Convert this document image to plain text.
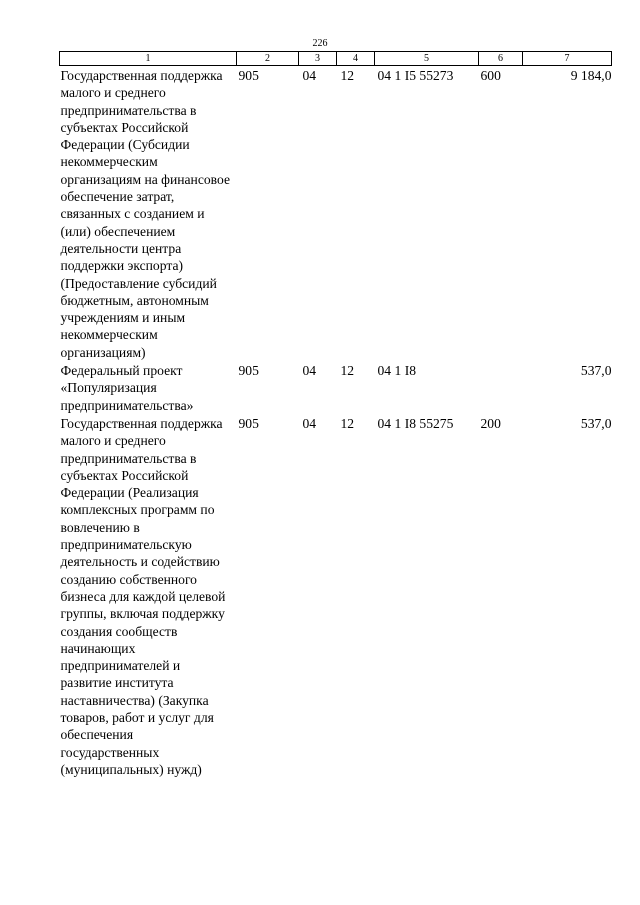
226
1	2	3	4	5	6	7
Государственная поддержка малого и среднего предпринимательства в субъектах Российской Федерации (Субсидии некоммерческим организациям на финансовое обеспечение затрат, связанных с созданием и (или) обеспечением деятельности центра поддержки экспорта) (Предоставление субсидий бюджетным, автономным учреждениям и иным некоммерческим организациям)	905	04	12	04 1 I5 55273	600	9 184,0
Федеральный проект «Популяризация предпринимательства»	905	04	12	04 1 I8		537,0
Государственная поддержка малого и среднего предпринимательства в субъектах Российской Федерации (Реализация комплексных программ по вовлечению в предпринимательскую деятельность и содействию созданию собственного бизнеса для каждой целевой группы, включая поддержку создания сообществ начинающих предпринимателей и развитие института наставничества) (Закупка товаров, работ и услуг для обеспечения государственных (муниципальных) нужд)	905	04	12	04 1 I8 55275	200	537,0
